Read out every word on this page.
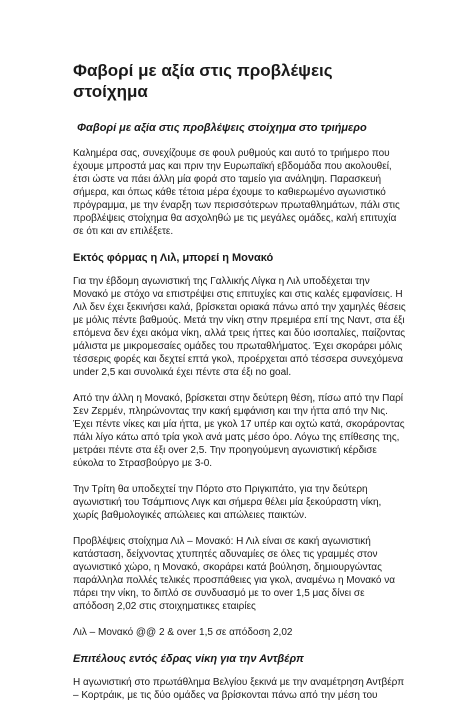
Φαβορί με αξία στις προβλέψεις στοίχημα
Φαβορί με αξία στις προβλέψεις στοίχημα στο τριήμερο

Καλημέρα σας, συνεχίζουμε σε φουλ ρυθμούς και αυτό το τριήμερο που έχουμε μπροστά μας και πριν την Ευρωπαϊκή εβδομάδα που ακολουθεί, έτσι ώστε να πάει άλλη μία φορά στο ταμείο για ανάληψη. Παρασκευή σήμερα, και όπως κάθε τέτοια μέρα έχουμε το καθιερωμένο αγωνιστικό πρόγραμμα, με την έναρξη των περισσότερων πρωταθλημάτων, πάλι στις προβλέψεις στοίχημα θα ασχοληθώ με τις μεγάλες ομάδες, καλή επιτυχία σε ότι και αν επιλέξετε.

Εκτός φόρμας η Λιλ, μπορεί η Μονακό

Για την έβδομη αγωνιστική της Γαλλικής Λίγκα η Λιλ υποδέχεται την Μονακό με στόχο να επιστρέψει στις επιτυχίες και στις καλές εμφανίσεις. Η Λιλ δεν έχει ξεκινήσει καλά, βρίσκεται οριακά πάνω από την χαμηλές θέσεις με μόλις πέντε βαθμούς. Μετά την νίκη στην πρεμιέρα επί της Ναντ, στα έξι επόμενα δεν έχει ακόμα νίκη, αλλά τρεις ήττες και δύο ισοπαλίες, παίζοντας μάλιστα με μικρομεσαίες ομάδες του πρωταθλήματος. Έχει σκοράρει μόλις τέσσερις φορές και δεχτεί επτά γκολ, προέρχεται από τέσσερα συνεχόμενα under 2,5 και συνολικά έχει πέντε στα έξι no goal.

Από την άλλη η Μονακό, βρίσκεται στην δεύτερη θέση, πίσω από την Παρί Σεν Ζερμέν, πληρώνοντας την κακή εμφάνιση και την ήττα από την Νις. Έχει πέντε νίκες και μία ήττα, με γκολ 17 υπέρ και οχτώ κατά, σκοράροντας πάλι λίγο κάτω από τρία γκολ ανά ματς μέσο όρο. Λόγω της επίθεσης της, μετράει πέντε στα έξι over 2,5. Την προηγούμενη αγωνιστική κέρδισε εύκολα το Στρασβούργο με 3-0.

Την Τρίτη θα υποδεχτεί την Πόρτο στο Πριγκιπάτο, για την δεύτερη αγωνιστική του Τσάμπιονς Λιγκ και σήμερα θέλει μία ξεκούραστη νίκη, χωρίς βαθμολογικές απώλειες και απώλειες παικτών.

Προβλέψεις στοίχημα Λιλ – Μονακό: Η Λιλ είναι σε κακή αγωνιστική κατάσταση, δείχνοντας χτυπητές αδυναμίες σε όλες τις γραμμές στον αγωνιστικό χώρο, η Μονακό, σκοράρει κατά βούληση, δημιουργώντας παράλληλα πολλές τελικές προσπάθειες για γκολ, αναμένω η Μονακό να πάρει την νίκη, το διπλό σε συνδυασμό με το over 1,5 μας δίνει σε απόδοση 2,02 στις στοιχηματικες εταιρίες

Λιλ – Μονακό @@ 2 & over 1,5 σε απόδοση 2,02

Επιτέλους εντός έδρας νίκη για την Αντβέρπ

Η αγωνιστική στο πρωτάθλημα Βελγίου ξεκινά με την αναμέτρηση Αντβέρπ – Κορτράικ, με τις δύο ομάδες να βρίσκονται πάνω από την μέση του
